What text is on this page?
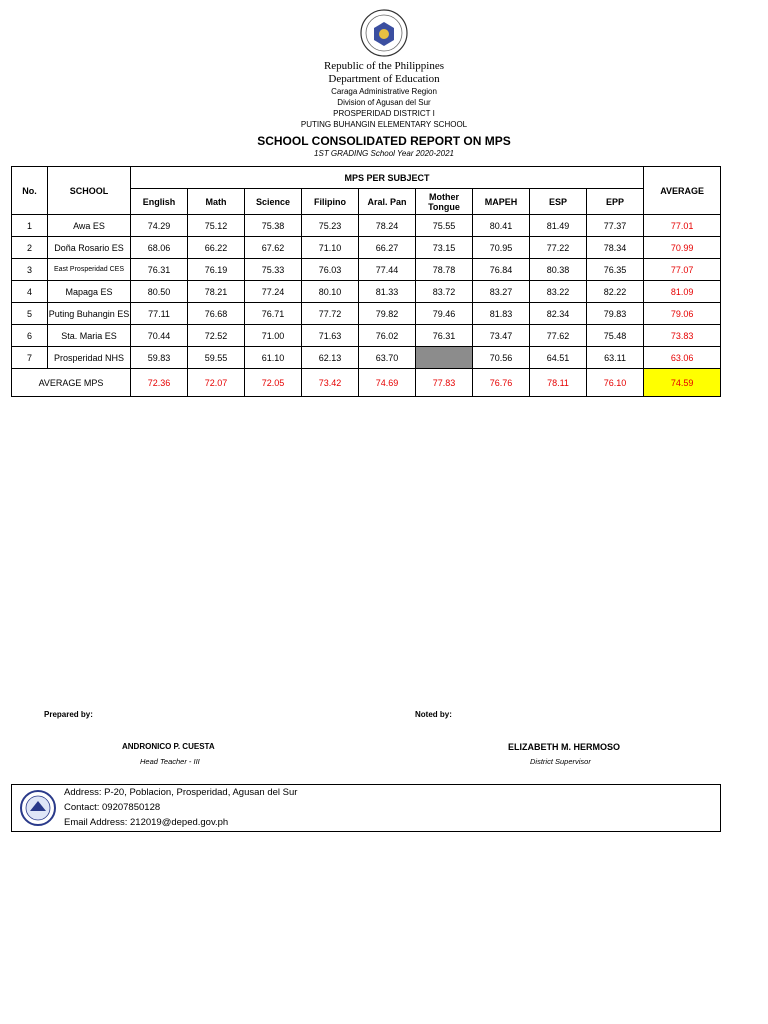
Republic of the Philippines
Department of Education
Caraga Administrative Region
Division of Agusan del Sur
PROSPERIDAD DISTRICT I
PUTING BUHANGIN ELEMENTARY SCHOOL
SCHOOL CONSOLIDATED REPORT ON MPS
1ST GRADING School Year 2020-2021
No.	SCHOOL	MPS PER SUBJECT									AVERAGE
		English	Math	Science	Filipino	Aral. Pan	Mother Tongue	MAPEH	ESP	EPP	
1	Awa ES	74.29	75.12	75.38	75.23	78.24	75.55	80.41	81.49	77.37	77.01
2	Doña Rosario ES	68.06	66.22	67.62	71.10	66.27	73.15	70.95	77.22	78.34	70.99
3	East Prosperidad CES	76.31	76.19	75.33	76.03	77.44	78.78	76.84	80.38	76.35	77.07
4	Mapaga ES	80.50	78.21	77.24	80.10	81.33	83.72	83.27	83.22	82.22	81.09
5	Puting Buhangin ES	77.11	76.68	76.71	77.72	79.82	79.46	81.83	82.34	79.83	79.06
6	Sta. Maria ES	70.44	72.52	71.00	71.63	76.02	76.31	73.47	77.62	75.48	73.83
7	Prosperidad NHS	59.83	59.55	61.10	62.13	63.70		70.56	64.51	63.11	63.06
AVERAGE MPS		72.36	72.07	72.05	73.42	74.69	77.83	76.76	78.11	76.10	74.59
Prepared by:	Noted by:
ANDRONICO P. CUESTA
Head Teacher - III
ELIZABETH M. HERMOSO
District Supervisor
Address: P-20, Poblacion, Prosperidad, Agusan del Sur
Contact: 09207850128
Email Address: 212019@deped.gov.ph
